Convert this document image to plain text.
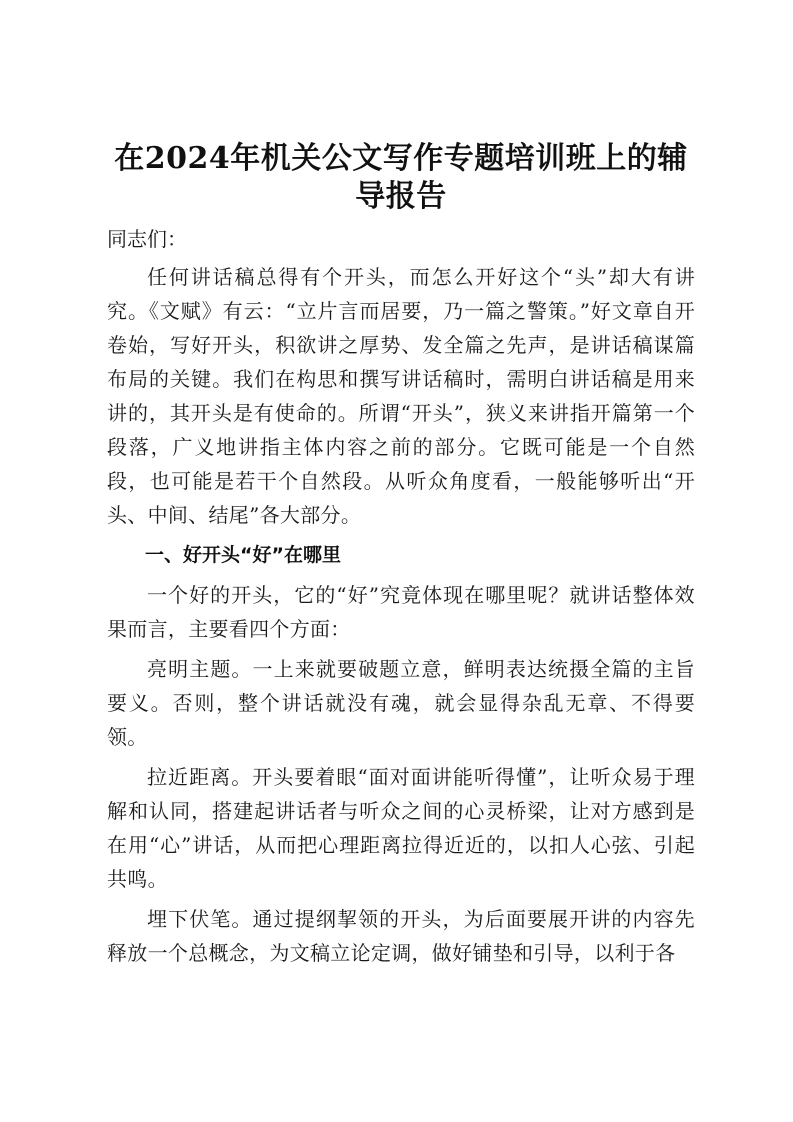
在2024年机关公文写作专题培训班上的辅导报告

同志们：

任何讲话稿总得有个开头，而怎么开好这个“头”却大有讲究。《文赋》有云：“立片言而居要，乃一篇之警策。”好文章自开卷始，写好开头，积欲讲之厚势、发全篇之先声，是讲话稿谋篇布局的关键。我们在构思和撰写讲话稿时，需明白讲话稿是用来讲的，其开头是有使命的。所谓“开头”，狭义来讲指开篇第一个段落，广义地讲指主体内容之前的部分。它既可能是一个自然段，也可能是若干个自然段。从听众角度看，一般能够听出“开头、中间、结尾”各大部分。

一、好开头“好”在哪里

一个好的开头，它的“好”究竟体现在哪里呢？就讲话整体效果而言，主要看四个方面：

亮明主题。一上来就要破题立意，鲜明表达统摄全篇的主旨要义。否则，整个讲话就没有魂，就会显得杂乱无章、不得要领。

拉近距离。开头要着眼“面对面讲能听得懂”，让听众易于理解和认同，搭建起讲话者与听众之间的心灵桥梁，让对方感到是在用“心”讲话，从而把心理距离拉得近近的，以扣人心弦、引起共鸣。

埋下伏笔。通过提纲挈领的开头，为后面要展开讲的内容先释放一个总概念，为文稿立论定调，做好铺垫和引导，以利于各
